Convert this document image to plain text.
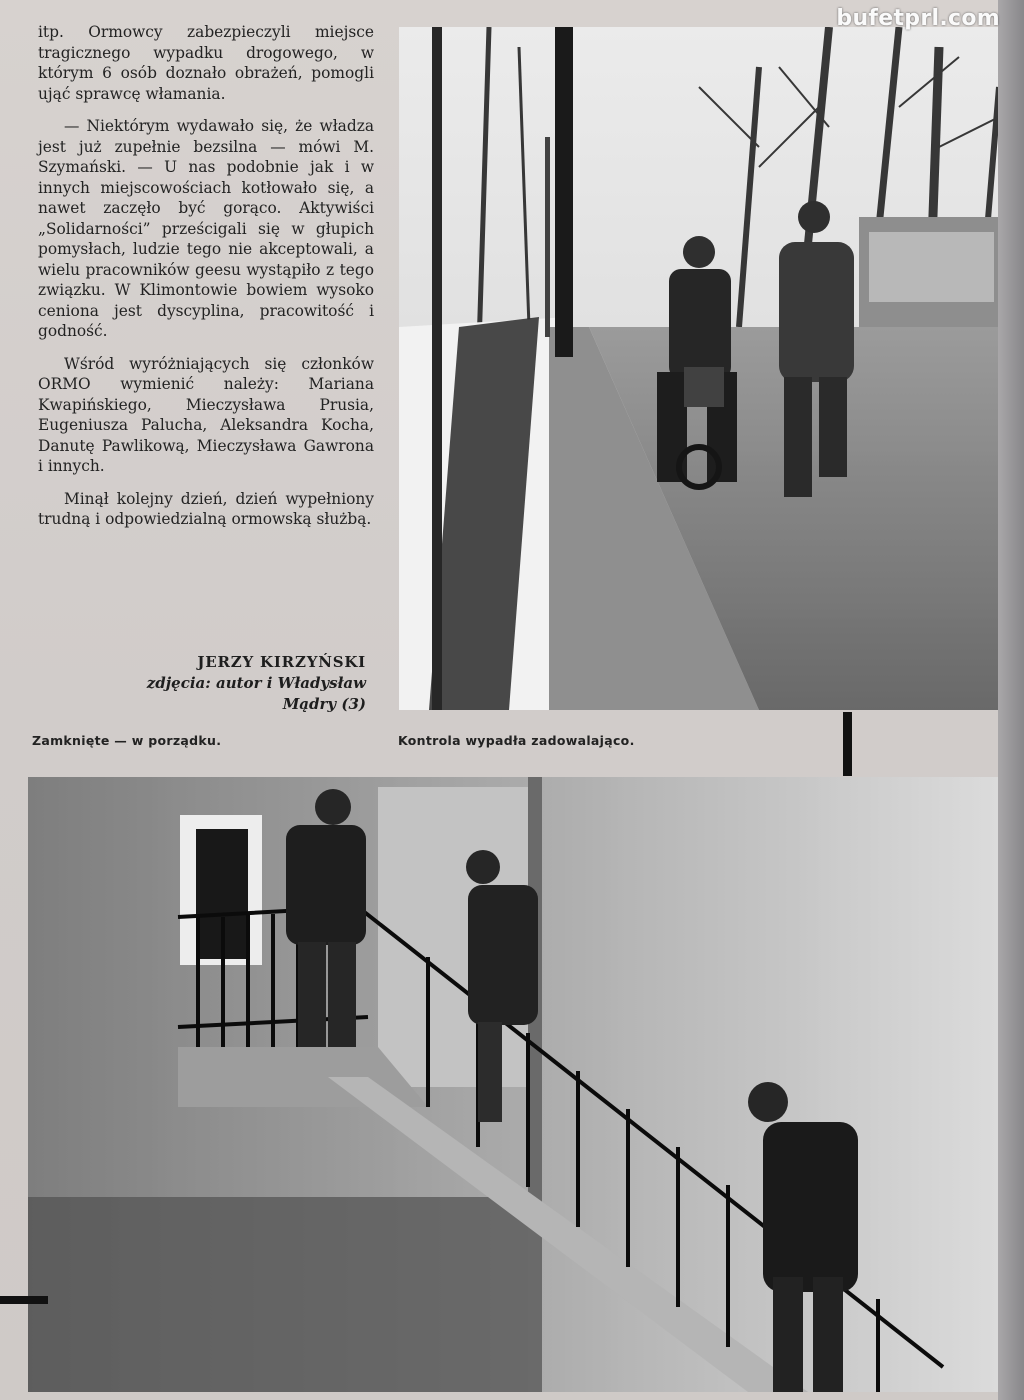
itp. Ormowcy zabezpieczyli miejsce tragicznego wypadku drogowego, w którym 6 osób doznało obrażeń, pomogli ująć sprawcę włamania.

— Niektórym wydawało się, że władza jest już zupełnie bezsilna — mówi M. Szymański. — U nas podobnie jak i w innych miejscowościach kotłowało się, a nawet zaczęło być gorąco. Aktywiści „Solidarności” prześcigali się w głupich pomysłach, ludzie tego nie akceptowali, a wielu pracowników geesu wystąpiło z tego związku. W Klimontowie bowiem wysoko ceniona jest dyscyplina, pracowitość i godność.

Wśród wyróżniających się członków ORMO wymienić należy: Mariana Kwapińskiego, Mieczysława Prusia, Eugeniusza Palucha, Aleksandra Kocha, Danutę Pawlikową, Mieczysława Gawrona i innych.

Minął kolejny dzień, dzień wypełniony trudną i odpowiedzialną ormowską służbą.

JERZY KIRZYŃSKI
zdjęcia: autor i Władysław
Mądry (3)
Zamknięte — w porządku.	Kontrola wypadła zadowalająco.
bufetprl.com
